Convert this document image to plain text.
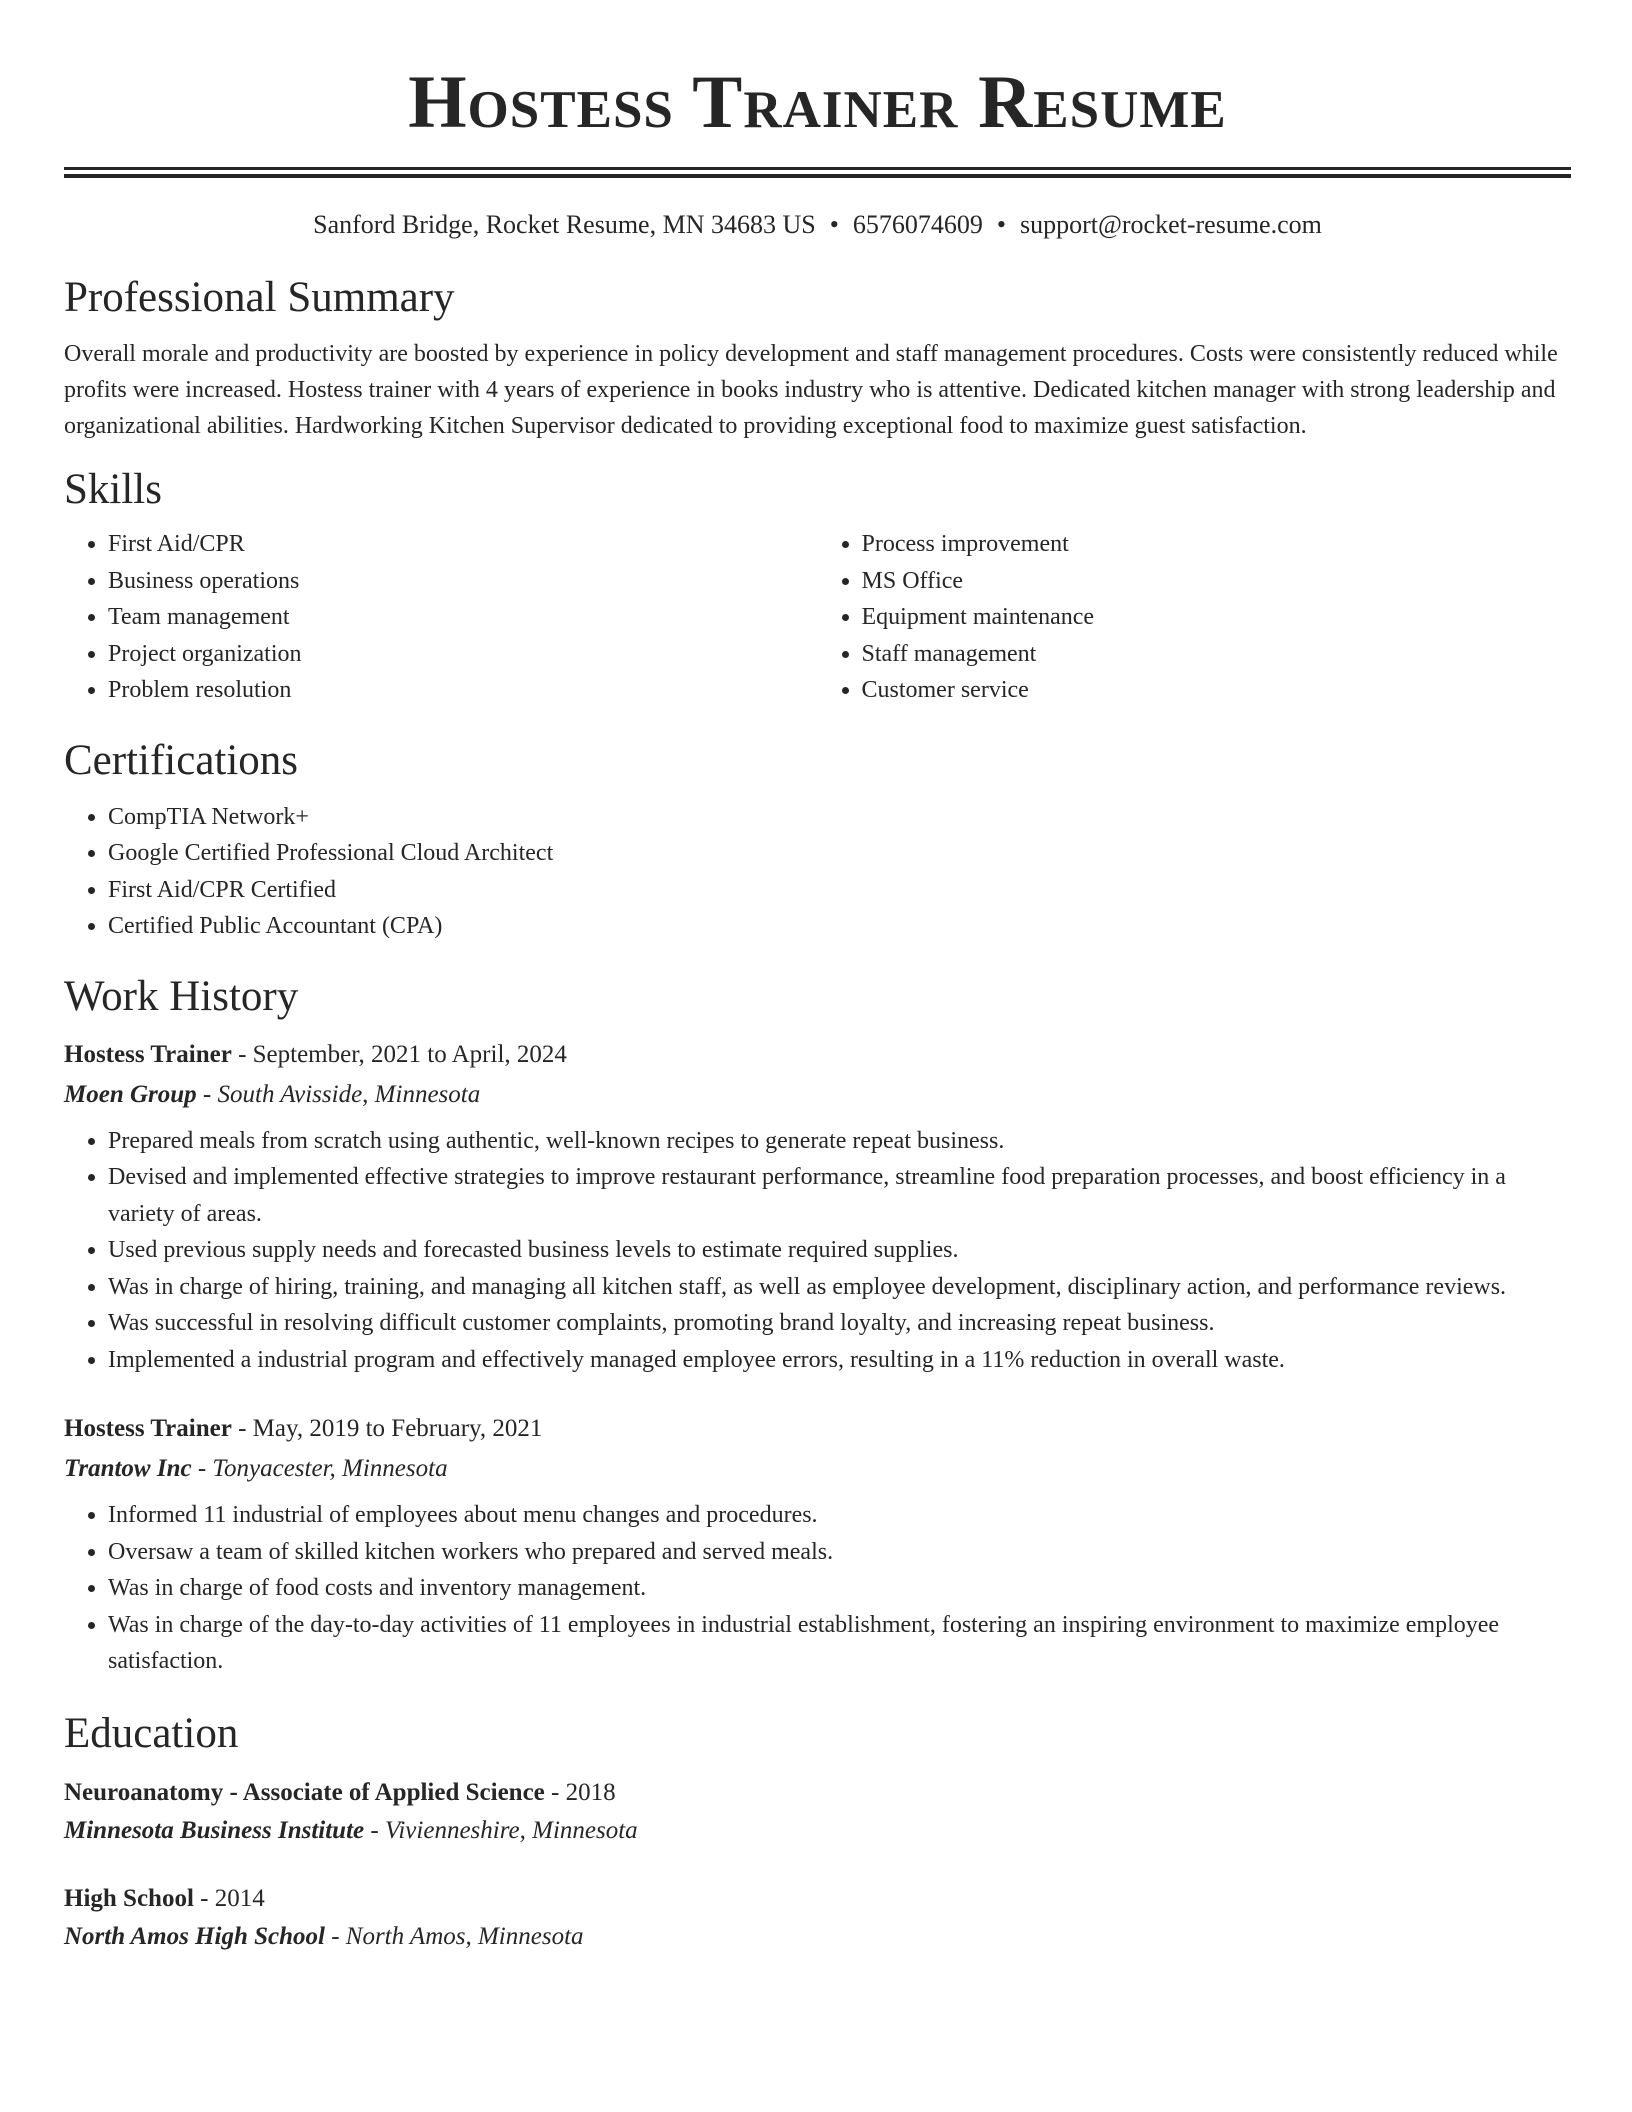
Hostess Trainer Resume
Sanford Bridge, Rocket Resume, MN 34683 US • 6576074609 • support@rocket-resume.com
Professional Summary

Overall morale and productivity are boosted by experience in policy development and staff management procedures. Costs were consistently reduced while profits were increased. Hostess trainer with 4 years of experience in books industry who is attentive. Dedicated kitchen manager with strong leadership and organizational abilities. Hardworking Kitchen Supervisor dedicated to providing exceptional food to maximize guest satisfaction.

Skills
• First Aid/CPR
• Business operations
• Team management
• Project organization
• Problem resolution
• Process improvement
• MS Office
• Equipment maintenance
• Staff management
• Customer service
Certifications
• CompTIA Network+
• Google Certified Professional Cloud Architect
• First Aid/CPR Certified
• Certified Public Accountant (CPA)
Work History
Hostess Trainer - September, 2021 to April, 2024
Moen Group - South Avisside, Minnesota
• Prepared meals from scratch using authentic, well-known recipes to generate repeat business.
• Devised and implemented effective strategies to improve restaurant performance, streamline food preparation processes, and boost efficiency in a variety of areas.
• Used previous supply needs and forecasted business levels to estimate required supplies.
• Was in charge of hiring, training, and managing all kitchen staff, as well as employee development, disciplinary action, and performance reviews.
• Was successful in resolving difficult customer complaints, promoting brand loyalty, and increasing repeat business.
• Implemented a industrial program and effectively managed employee errors, resulting in a 11% reduction in overall waste.
Hostess Trainer - May, 2019 to February, 2021
Trantow Inc - Tonyacester, Minnesota
• Informed 11 industrial of employees about menu changes and procedures.
• Oversaw a team of skilled kitchen workers who prepared and served meals.
• Was in charge of food costs and inventory management.
• Was in charge of the day-to-day activities of 11 employees in industrial establishment, fostering an inspiring environment to maximize employee satisfaction.
Education
Neuroanatomy - Associate of Applied Science - 2018
Minnesota Business Institute - Vivienneshire, Minnesota
High School - 2014
North Amos High School - North Amos, Minnesota
